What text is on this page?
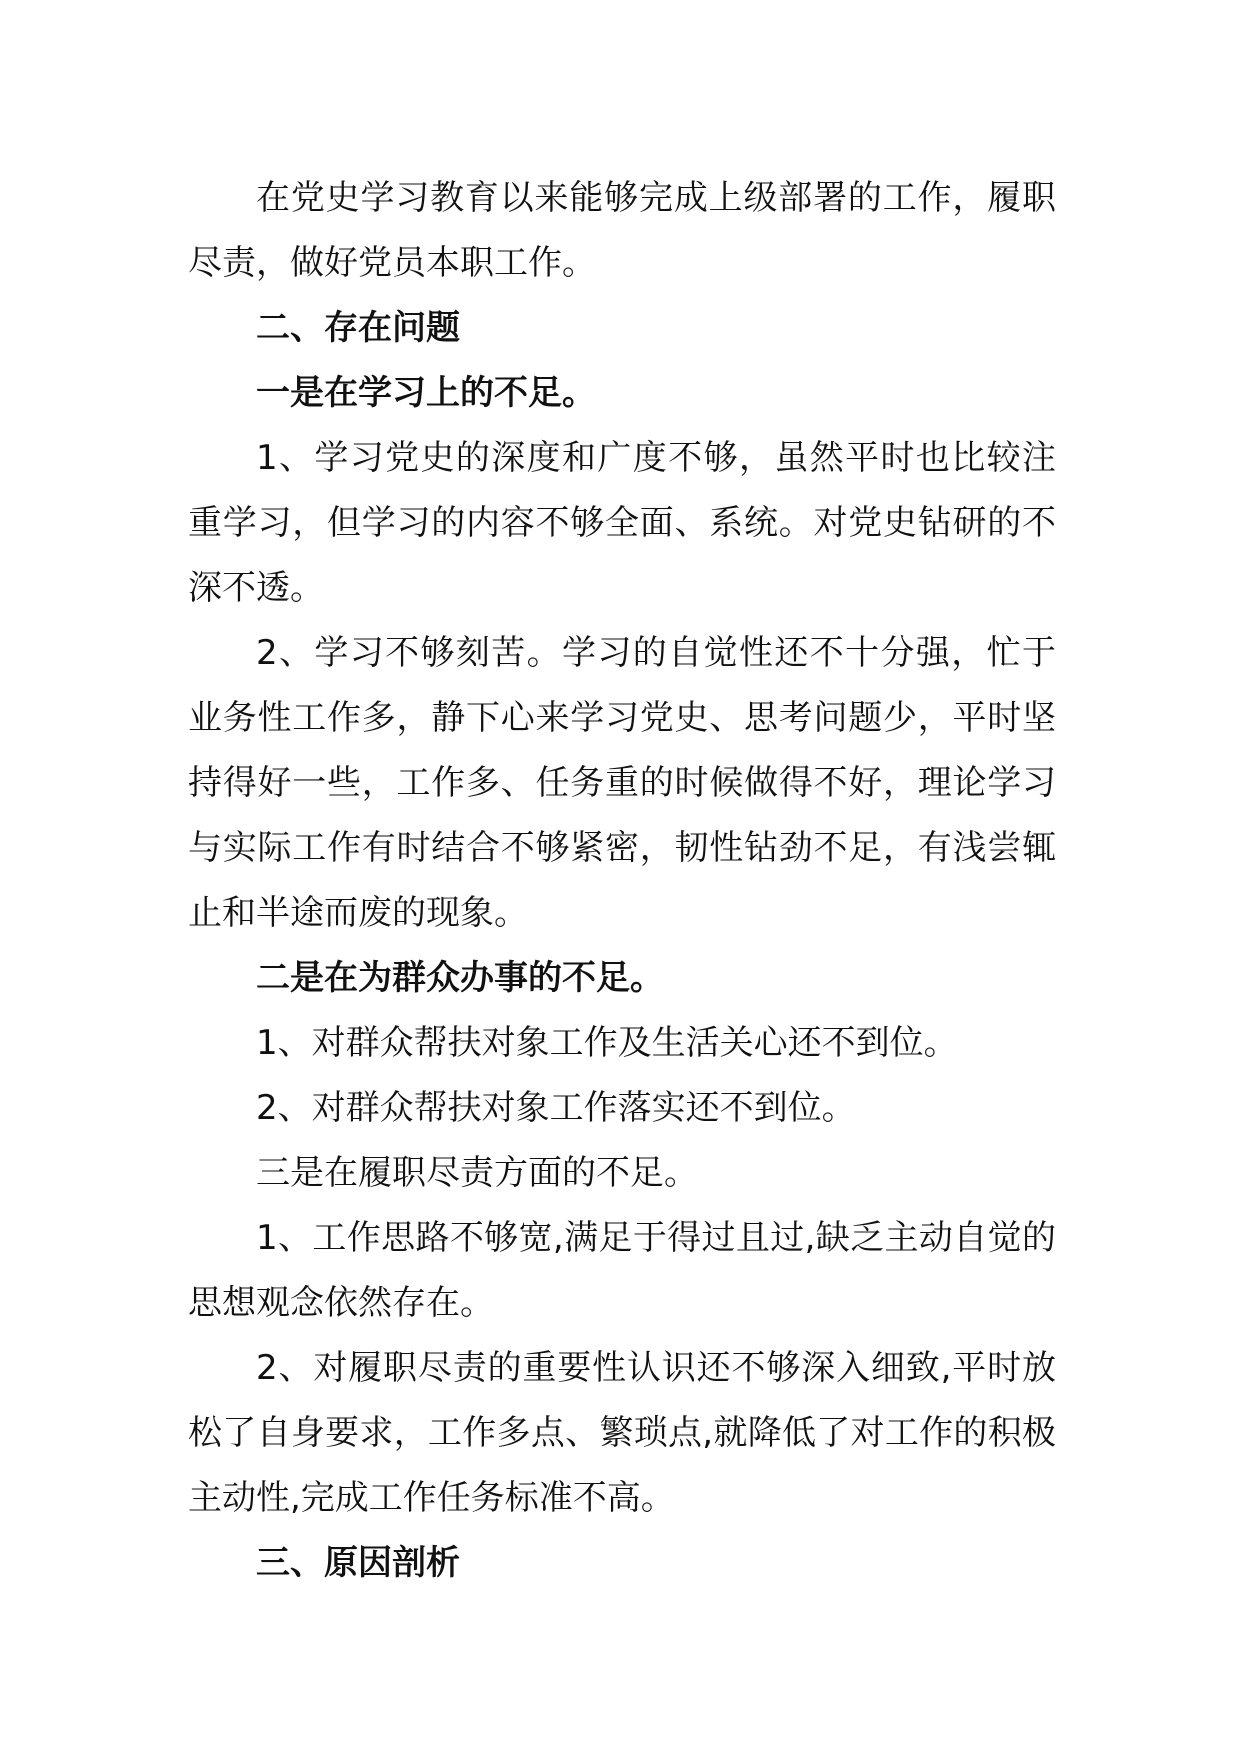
在党史学习教育以来能够完成上级部署的工作，履职尽责，做好党员本职工作。

二、存在问题

一是在学习上的不足。

1、学习党史的深度和广度不够，虽然平时也比较注重学习，但学习的内容不够全面、系统。对党史钻研的不深不透。

2、学习不够刻苦。学习的自觉性还不十分强，忙于业务性工作多，静下心来学习党史、思考问题少，平时坚持得好一些，工作多、任务重的时候做得不好，理论学习与实际工作有时结合不够紧密，韧性钻劲不足，有浅尝辄止和半途而废的现象。

二是在为群众办事的不足。

1、对群众帮扶对象工作及生活关心还不到位。

2、对群众帮扶对象工作落实还不到位。

三是在履职尽责方面的不足。

1、工作思路不够宽,满足于得过且过,缺乏主动自觉的思想观念依然存在。

2、对履职尽责的重要性认识还不够深入细致,平时放松了自身要求，工作多点、繁琐点,就降低了对工作的积极主动性,完成工作任务标准不高。

三、原因剖析
